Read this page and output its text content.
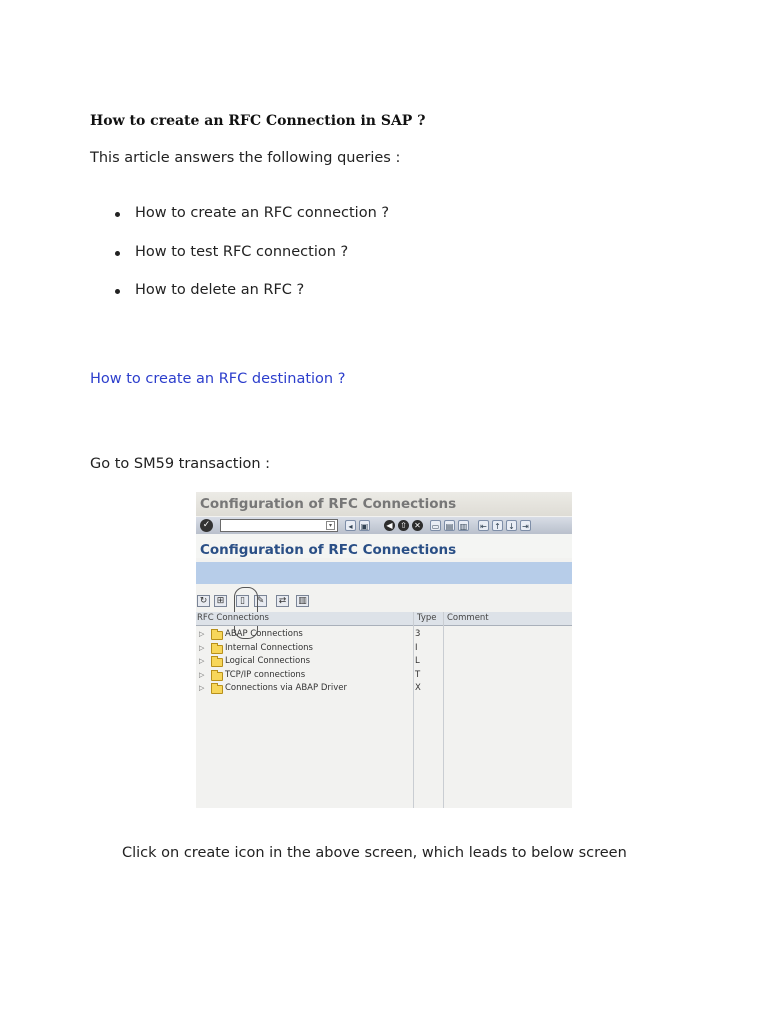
How to create an RFC Connection in SAP ?
This article answers the following queries :
How to create an RFC connection ?
How to test RFC connection ?
How to delete an RFC ?
How to create an RFC destination ?
Go to SM59 transaction :
Configuration of RFC Connections
✓	▾	◂	▣	◀ ⇧ ✕ ▭ ▤ ▥ ⇤ ↑ ↓ ⇥
Configuration of RFC Connections
↻	⊞	▯	✎	⇄	▥
RFC Connections	Type Comment
▷ ABAP Connections	3
▷ Internal Connections	I
▷ Logical Connections	L
▷ TCP/IP connections	T
▷ Connections via ABAP Driver	X
Click on create icon in the above screen, which leads to below screen
